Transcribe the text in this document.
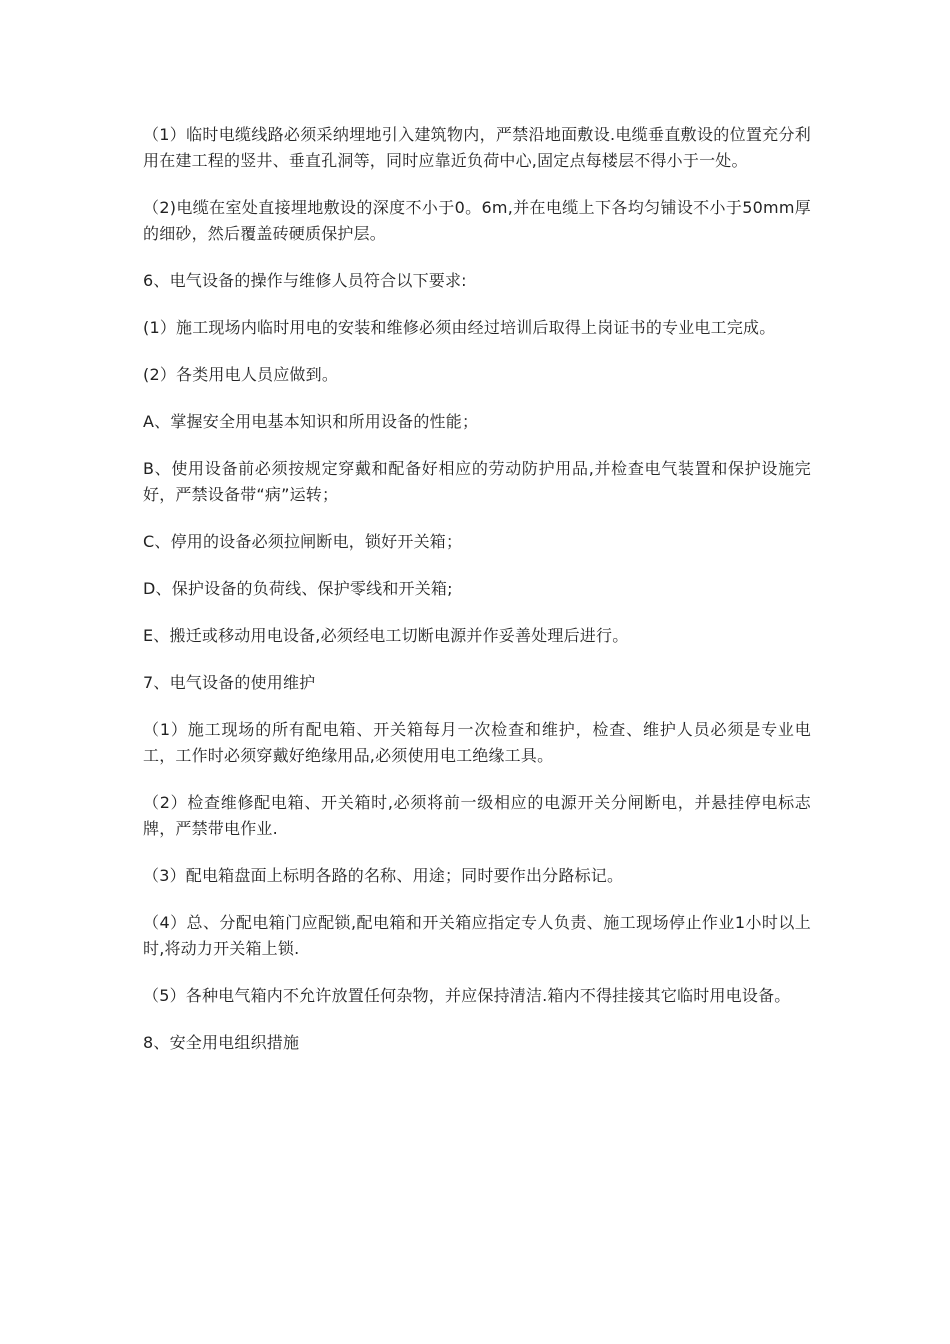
（1）临时电缆线路必须采纳埋地引入建筑物内，严禁沿地面敷设.电缆垂直敷设的位置充分利用在建工程的竖井、垂直孔洞等，同时应靠近负荷中心,固定点每楼层不得小于一处。

（2)电缆在室处直接埋地敷设的深度不小于0。6m,并在电缆上下各均匀铺设不小于50mm厚的细砂，然后覆盖砖硬质保护层。

6、电气设备的操作与维修人员符合以下要求:

(1）施工现场内临时用电的安装和维修必须由经过培训后取得上岗证书的专业电工完成。

(2）各类用电人员应做到。

A、掌握安全用电基本知识和所用设备的性能；

B、使用设备前必须按规定穿戴和配备好相应的劳动防护用品,并检查电气装置和保护设施完好，严禁设备带“病”运转；

C、停用的设备必须拉闸断电，锁好开关箱；

D、保护设备的负荷线、保护零线和开关箱;

E、搬迁或移动用电设备,必须经电工切断电源并作妥善处理后进行。

7、电气设备的使用维护

（1）施工现场的所有配电箱、开关箱每月一次检查和维护，检查、维护人员必须是专业电工，工作时必须穿戴好绝缘用品,必须使用电工绝缘工具。

（2）检查维修配电箱、开关箱时,必须将前一级相应的电源开关分闸断电，并悬挂停电标志牌，严禁带电作业.

（3）配电箱盘面上标明各路的名称、用途；同时要作出分路标记。

（4）总、分配电箱门应配锁,配电箱和开关箱应指定专人负责、施工现场停止作业1小时以上时,将动力开关箱上锁.

（5）各种电气箱内不允许放置任何杂物，并应保持清洁.箱内不得挂接其它临时用电设备。

8、安全用电组织措施
